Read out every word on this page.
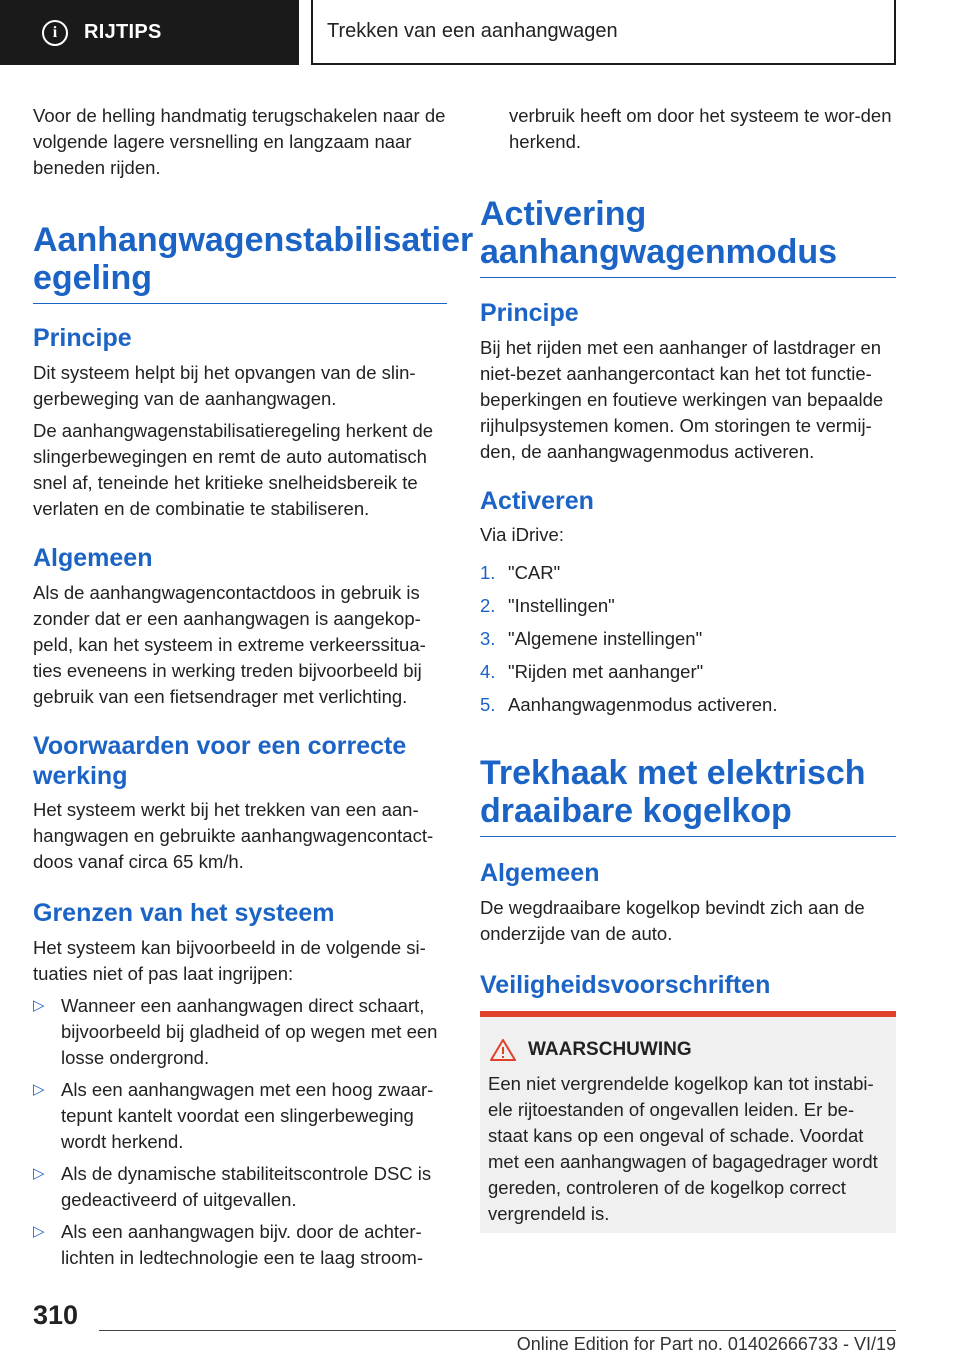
i	RIJTIPS	Trekken van een aanhangwagen

Voor de helling handmatig terugschakelen naar de volgende lagere versnelling en langzaam naar beneden rijden.

Aanhangwagenstabilisatier
egeling
Principe

Dit systeem helpt bij het opvangen van de slin-gerbeweging van de aanhangwagen.

De aanhangwagenstabilisatieregeling herkent de slingerbewegingen en remt de auto automatisch snel af, teneinde het kritieke snelheidsbereik te verlaten en de combinatie te stabiliseren.

Algemeen

Als de aanhangwagencontactdoos in gebruik is zonder dat er een aanhangwagen is aangekop-peld, kan het systeem in extreme verkeerssitua-ties eveneens in werking treden bijvoorbeeld bij gebruik van een fietsendrager met verlichting.

Voorwaarden voor een correcte
werking

Het systeem werkt bij het trekken van een aan-hangwagen en gebruikte aanhangwagencontact-doos vanaf circa 65 km/h.

Grenzen van het systeem

Het systeem kan bijvoorbeeld in de volgende si-tuaties niet of pas laat ingrijpen:

▷ Wanneer een aanhangwagen direct schaart, bijvoorbeeld bij gladheid of op wegen met een losse ondergrond.
▷ Als een aanhangwagen met een hoog zwaar-tepunt kantelt voordat een slingerbeweging wordt herkend.
▷ Als de dynamische stabiliteitscontrole DSC is gedeactiveerd of uitgevallen.
▷ Als een aanhangwagen bijv. door de achter-lichten in ledtechnologie een te laag stroom-

verbruik heeft om door het systeem te wor-den herkend.

Activering
aanhangwagenmodus
Principe

Bij het rijden met een aanhanger of lastdrager en niet-bezet aanhangercontact kan het tot functie-beperkingen en foutieve werkingen van bepaalde rijhulpsystemen komen. Om storingen te vermij-den, de aanhangwagenmodus activeren.

Activeren

Via iDrive:

1. "CAR"
2. "Instellingen"
3. "Algemene instellingen"
4. "Rijden met aanhanger"
5. Aanhangwagenmodus activeren.
Trekhaak met elektrisch
draaibare kogelkop
Algemeen

De wegdraaibare kogelkop bevindt zich aan de onderzijde van de auto.

Veiligheidsvoorschriften
WAARSCHUWING

Een niet vergrendelde kogelkop kan tot instabi-ele rijtoestanden of ongevallen leiden. Er be-staat kans op een ongeval of schade. Voordat met een aanhangwagen of bagagedrager wordt gereden, controleren of de kogelkop correct vergrendeld is.

310
Online Edition for Part no. 01402666733 - VI/19
